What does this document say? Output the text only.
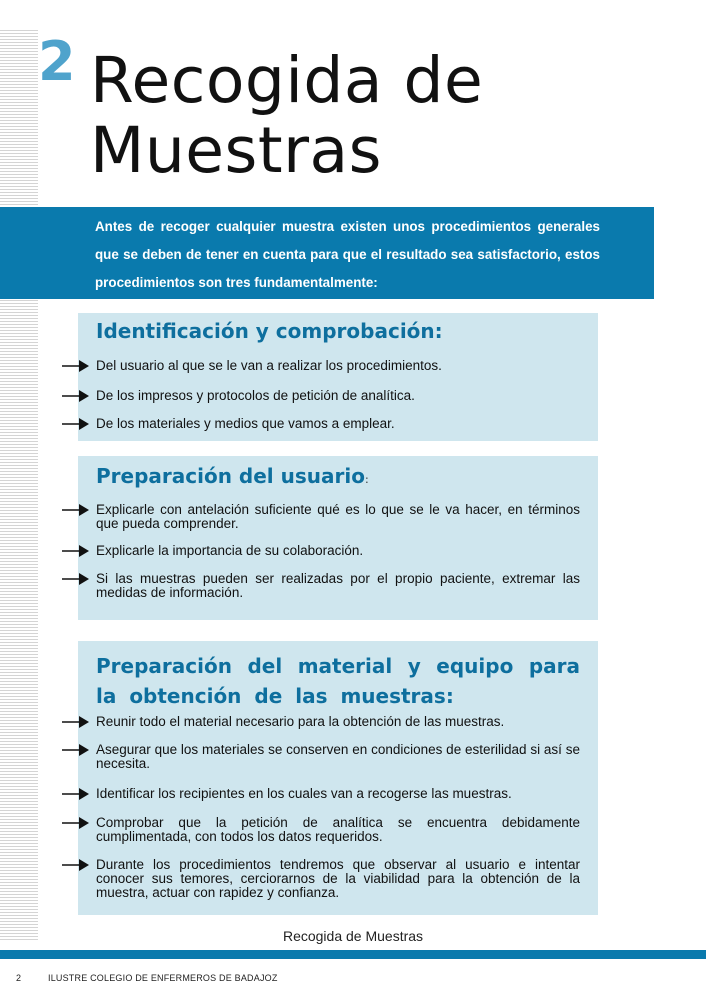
2 Recogida de Muestras

Antes de recoger cualquier muestra existen unos procedimientos generales que se deben de tener en cuenta para que el resultado sea satisfactorio, estos procedimientos son tres fundamentalmente:

Identificación y comprobación:
Del usuario al que se le van a realizar los procedimientos.
De los impresos y protocolos de petición de analítica.
De los materiales y medios que vamos a emplear.
Preparación del usuario:
Explicarle con antelación suficiente qué es lo que se le va hacer, en términos que pueda comprender.
Explicarle la importancia de su colaboración.
Si las muestras pueden ser realizadas por el propio paciente, extremar las medidas de información.
Preparación del material y equipo para la obtención de las muestras:
Reunir todo el material necesario para la obtención de las muestras.
Asegurar que los materiales se conserven en condiciones de esterilidad si así se necesita.
Identificar los recipientes en los cuales van a recogerse las muestras.
Comprobar que la petición de analítica se encuentra debidamente cumplimentada, con todos los datos requeridos.
Durante los procedimientos tendremos que observar al usuario e intentar conocer sus temores, cerciorarnos de la viabilidad para la obtención de la muestra, actuar con rapidez y confianza.
Recogida de Muestras
2	ILUSTRE COLEGIO DE ENFERMEROS DE BADAJOZ
